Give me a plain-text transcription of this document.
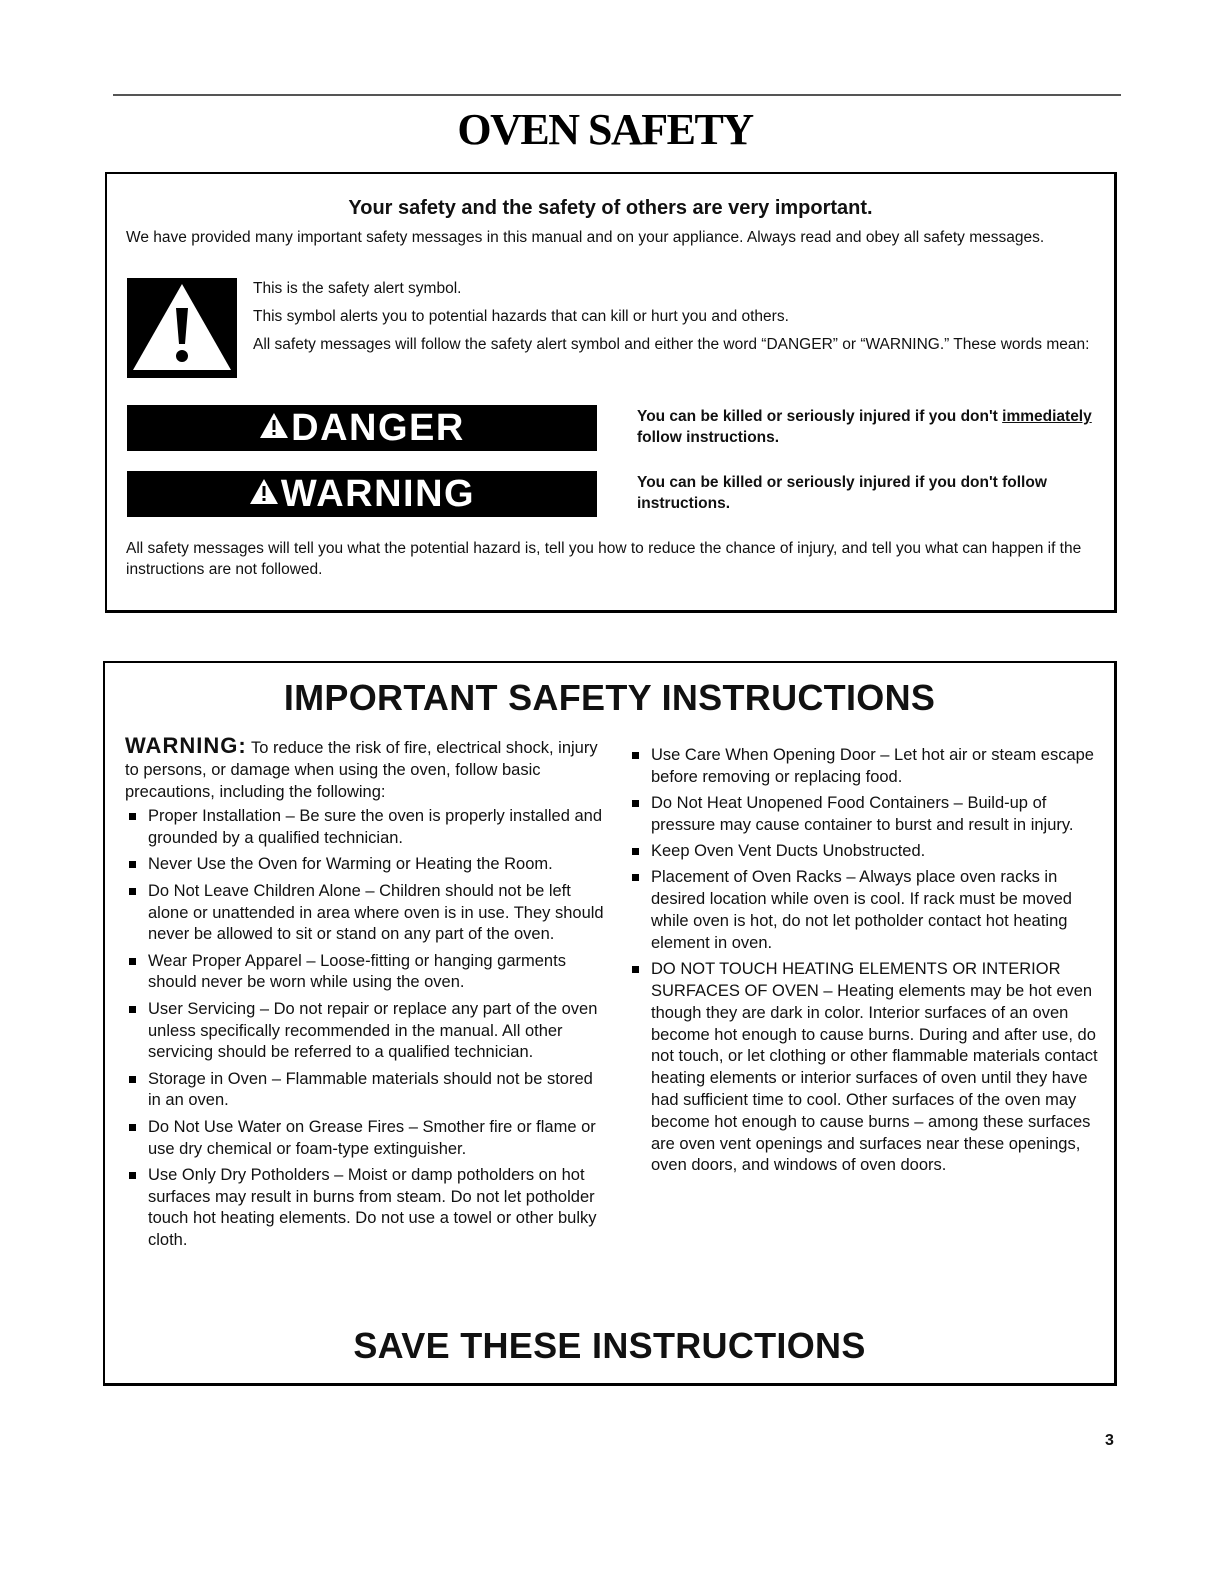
OVEN SAFETY
Your safety and the safety of others are very important.
We have provided many important safety messages in this manual and on your appliance. Always read and obey all safety messages.

This is the safety alert symbol.

This symbol alerts you to potential hazards that can kill or hurt you and others.

All safety messages will follow the safety alert symbol and either the word “DANGER” or “WARNING.” These words mean:

DANGER	You can be killed or seriously injured if you don't immediately follow instructions.
WARNING	You can be killed or seriously injured if you don't follow instructions.
All safety messages will tell you what the potential hazard is, tell you how to reduce the chance of injury, and tell you what can happen if the instructions are not followed.
IMPORTANT SAFETY INSTRUCTIONS

WARNING: To reduce the risk of fire, electrical shock, injury to persons, or damage when using the oven, follow basic precautions, including the following:

Proper Installation – Be sure the oven is properly installed and grounded by a qualified technician.
Never Use the Oven for Warming or Heating the Room.
Do Not Leave Children Alone – Children should not be left alone or unattended in area where oven is in use. They should never be allowed to sit or stand on any part of the oven.
Wear Proper Apparel – Loose-fitting or hanging garments should never be worn while using the oven.
User Servicing – Do not repair or replace any part of the oven unless specifically recommended in the manual. All other servicing should be referred to a qualified technician.
Storage in Oven – Flammable materials should not be stored in an oven.
Do Not Use Water on Grease Fires – Smother fire or flame or use dry chemical or foam-type extinguisher.
Use Only Dry Potholders – Moist or damp potholders on hot surfaces may result in burns from steam. Do not let potholder touch hot heating elements. Do not use a towel or other bulky cloth.
Use Care When Opening Door – Let hot air or steam escape before removing or replacing food.
Do Not Heat Unopened Food Containers – Build-up of pressure may cause container to burst and result in injury.
Keep Oven Vent Ducts Unobstructed.
Placement of Oven Racks – Always place oven racks in desired location while oven is cool. If rack must be moved while oven is hot, do not let potholder contact hot heating element in oven.
DO NOT TOUCH HEATING ELEMENTS OR INTERIOR SURFACES OF OVEN – Heating elements may be hot even though they are dark in color. Interior surfaces of an oven become hot enough to cause burns. During and after use, do not touch, or let clothing or other flammable materials contact heating elements or interior surfaces of oven until they have had sufficient time to cool. Other surfaces of the oven may become hot enough to cause burns – among these surfaces are oven vent openings and surfaces near these openings, oven doors, and windows of oven doors.
SAVE THESE INSTRUCTIONS
3
